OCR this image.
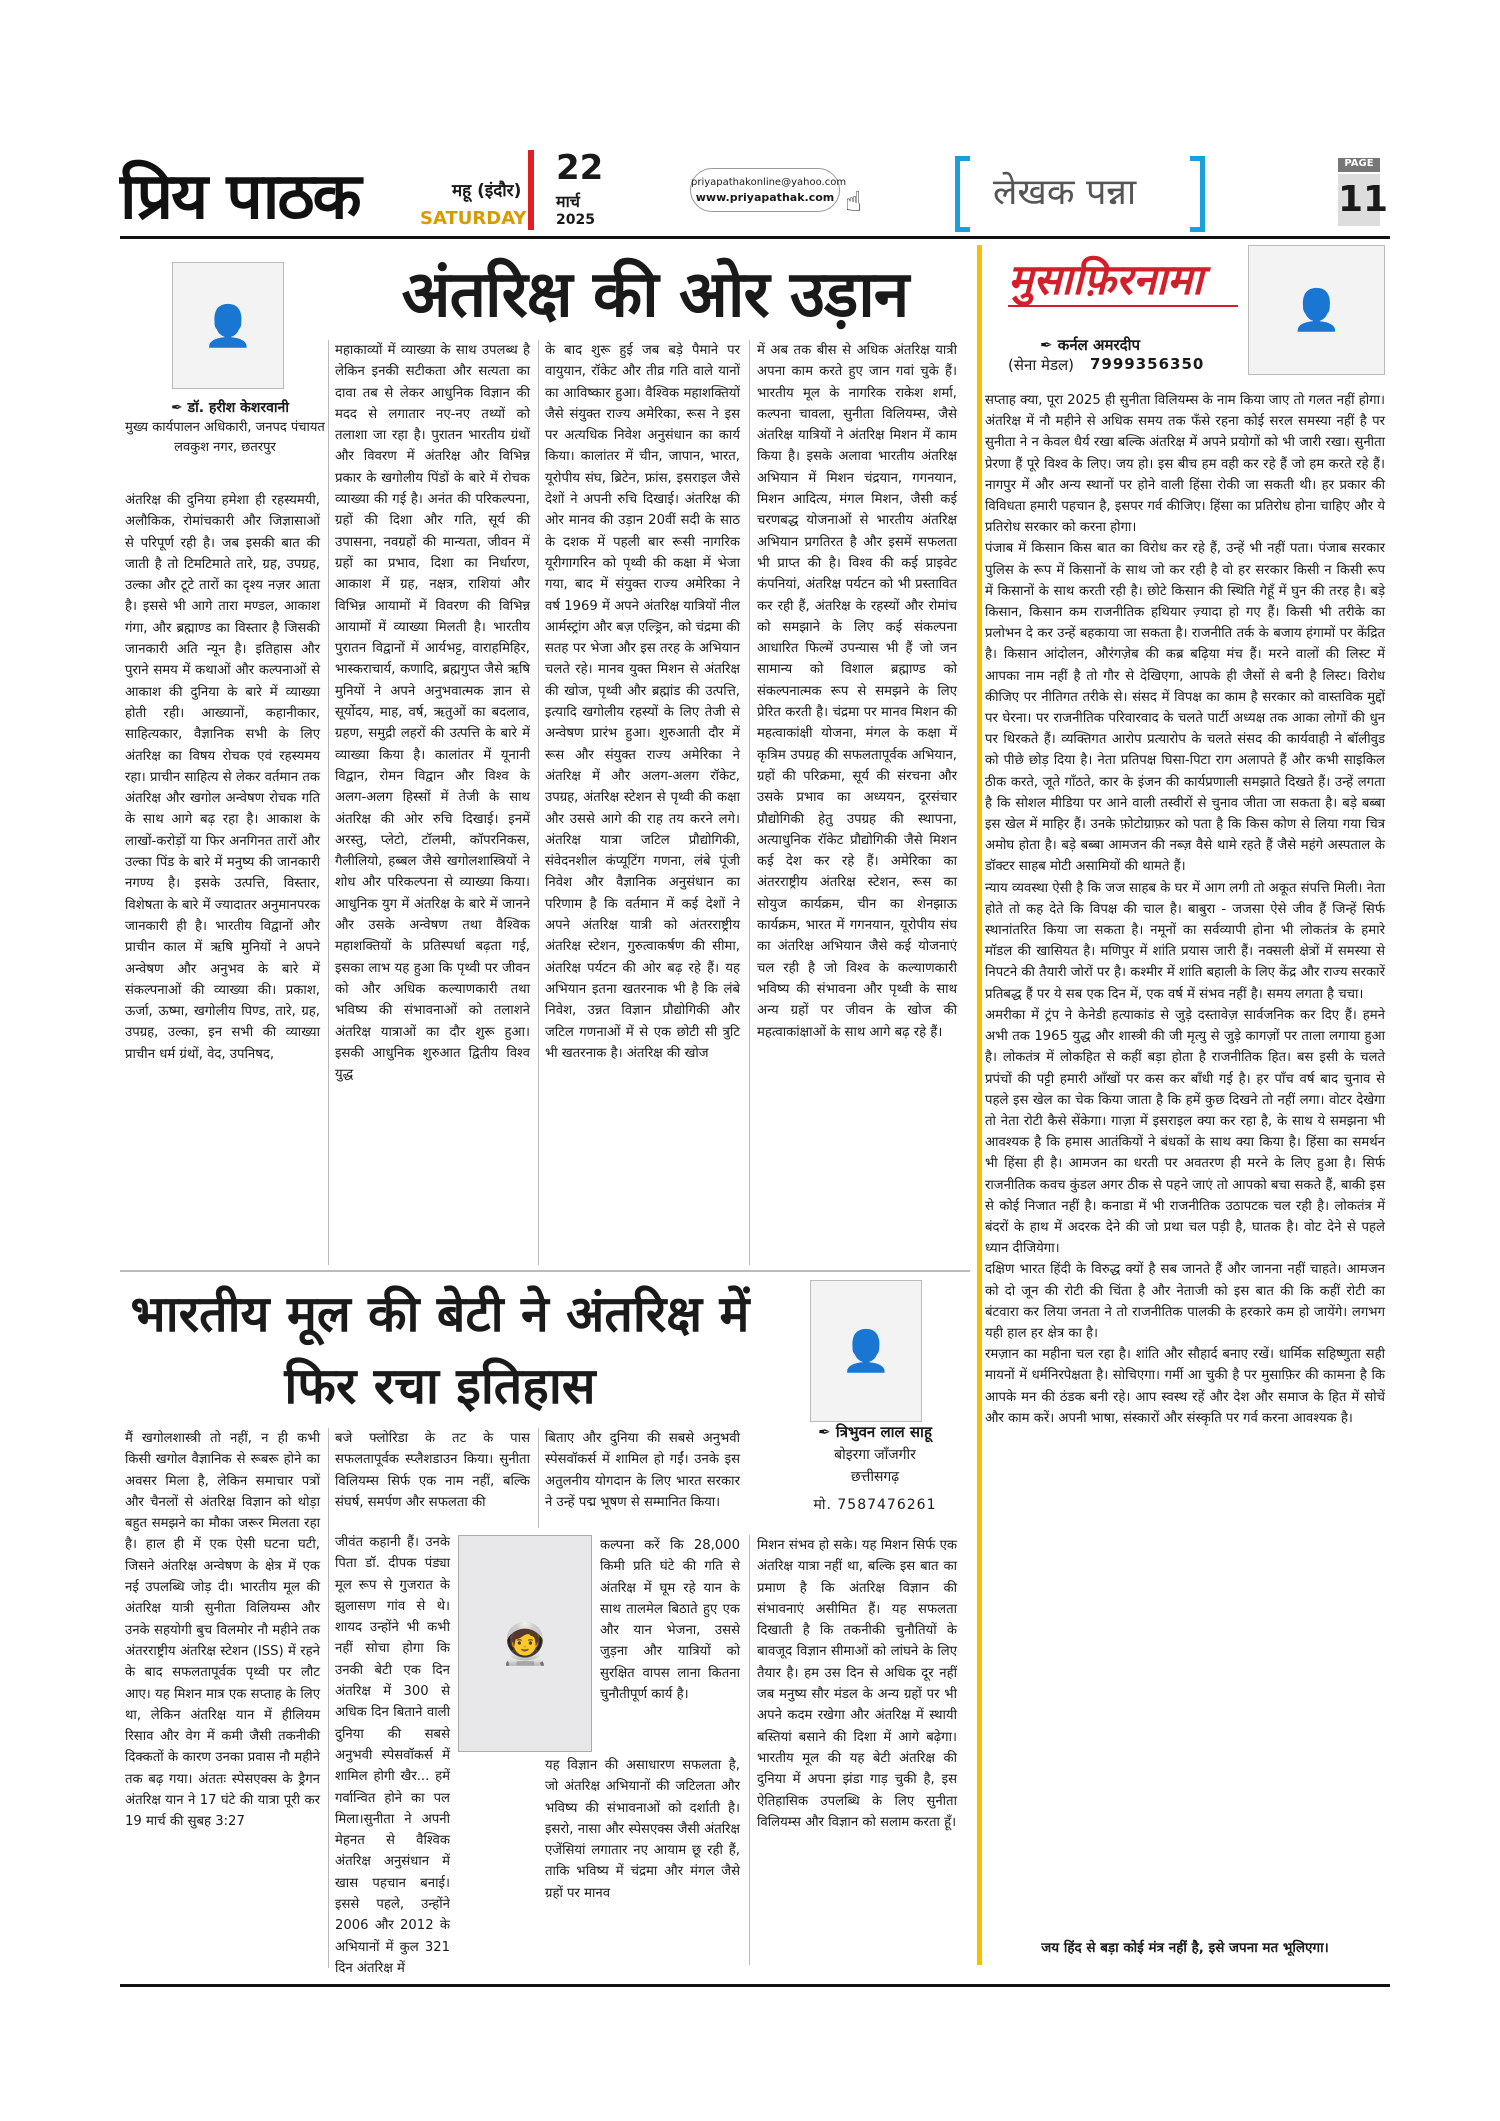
प्रिय पाठक	महू (इंदौर)
SATURDAY
22
मार्च
2025
priyapathakonline@yahoo.com
www.priyapathak.com ☝	लेखक पन्ना
PAGE
11
👤
✒ डॉ. हरीश केशरवानी
मुख्य कार्यपालन अधिकारी, जनपद पंचायत लवकुश नगर, छतरपुर
अंतरिक्ष की ओर उड़ान
अंतरिक्ष की दुनिया हमेशा ही रहस्यमयी, अलौकिक, रोमांचकारी और जिज्ञासाओं से परिपूर्ण रही है। जब इसकी बात की जाती है तो टिमटिमाते तारे, ग्रह, उपग्रह, उल्का और टूटे तारों का दृश्य नज़र आता है। इससे भी आगे तारा मण्डल, आकाश गंगा, और ब्रह्माण्ड का विस्तार है जिसकी जानकारी अति न्यून है। इतिहास और पुराने समय में कथाओं और कल्पनाओं से आकाश की दुनिया के बारे में व्याख्या होती रही। आख्यानों, कहानीकार, साहित्यकार, वैज्ञानिक सभी के लिए अंतरिक्ष का विषय रोचक एवं रहस्यमय रहा। प्राचीन साहित्य से लेकर वर्तमान तक अंतरिक्ष और खगोल अन्वेषण रोचक गति के साथ आगे बढ़ रहा है। आकाश के लाखों-करोड़ों या फिर अनगिनत तारों और उल्का पिंड के बारे में मनुष्य की जानकारी नगण्य है। इसके उत्पत्ति, विस्तार, विशेषता के बारे में ज्यादातर अनुमानपरक जानकारी ही है। भारतीय विद्वानों और प्राचीन काल में ऋषि मुनियों ने अपने अन्वेषण और अनुभव के बारे में संकल्पनाओं की व्याख्या की। प्रकाश, ऊर्जा, ऊष्मा, खगोलीय पिण्ड, तारे, ग्रह, उपग्रह, उल्का, इन सभी की व्याख्या प्राचीन धर्म ग्रंथों, वेद, उपनिषद,
महाकाव्यों में व्याख्या के साथ उपलब्ध है लेकिन इनकी सटीकता और सत्यता का दावा तब से लेकर आधुनिक विज्ञान की मदद से लगातार नए-नए तथ्यों को तलाशा जा रहा है। पुरातन भारतीय ग्रंथों और विवरण में अंतरिक्ष और विभिन्न प्रकार के खगोलीय पिंडों के बारे में रोचक व्याख्या की गई है। अनंत की परिकल्पना, ग्रहों की दिशा और गति, सूर्य की उपासना, नवग्रहों की मान्यता, जीवन में ग्रहों का प्रभाव, दिशा का निर्धारण, आकाश में ग्रह, नक्षत्र, राशियां और विभिन्न आयामों में विवरण की विभिन्न आयामों में व्याख्या मिलती है। भारतीय पुरातन विद्वानों में आर्यभट्ट, वाराहमिहिर, भास्कराचार्य, कणादि, ब्रह्मगुप्त जैसे ऋषि मुनियों ने अपने अनुभवात्मक ज्ञान से सूर्योदय, माह, वर्ष, ऋतुओं का बदलाव, ग्रहण, समुद्री लहरों की उत्पत्ति के बारे में व्याख्या किया है। कालांतर में यूनानी विद्वान, रोमन विद्वान और विश्व के अलग-अलग हिस्सों में तेजी के साथ अंतरिक्ष की ओर रुचि दिखाई। इनमें अरस्तु, प्लेटो, टॉलमी, कॉपरनिकस, गैलीलियो, हब्बल जैसे खगोलशास्त्रियों ने शोध और परिकल्पना से व्याख्या किया। आधुनिक युग में अंतरिक्ष के बारे में जानने और उसके अन्वेषण तथा वैश्विक महाशक्तियों के प्रतिस्पर्धा बढ़ता गई, इसका लाभ यह हुआ कि पृथ्वी पर जीवन को और अधिक कल्याणकारी तथा भविष्य की संभावनाओं को तलाशने अंतरिक्ष यात्राओं का दौर शुरू हुआ। इसकी आधुनिक शुरुआत द्वितीय विश्व युद्ध
के बाद शुरू हुई जब बड़े पैमाने पर वायुयान, रॉकेट और तीव्र गति वाले यानों का आविष्कार हुआ। वैश्विक महाशक्तियों जैसे संयुक्त राज्य अमेरिका, रूस ने इस पर अत्यधिक निवेश अनुसंधान का कार्य किया। कालांतर में चीन, जापान, भारत, यूरोपीय संघ, ब्रिटेन, फ्रांस, इसराइल जैसे देशों ने अपनी रुचि दिखाई। अंतरिक्ष की ओर मानव की उड़ान 20वीं सदी के साठ के दशक में पहली बार रूसी नागरिक यूरीगागरिन को पृथ्वी की कक्षा में भेजा गया, बाद में संयुक्त राज्य अमेरिका ने वर्ष 1969 में अपने अंतरिक्ष यात्रियों नील आर्मस्ट्रांग और बज़ एल्ड्रिन, को चंद्रमा की सतह पर भेजा और इस तरह के अभियान चलते रहे। मानव युक्त मिशन से अंतरिक्ष की खोज, पृथ्वी और ब्रह्मांड की उत्पत्ति, इत्यादि खगोलीय रहस्यों के लिए तेजी से अन्वेषण प्रारंभ हुआ। शुरुआती दौर में रूस और संयुक्त राज्य अमेरिका ने अंतरिक्ष में और अलग-अलग रॉकेट, उपग्रह, अंतरिक्ष स्टेशन से पृथ्वी की कक्षा और उससे आगे की राह तय करने लगे। अंतरिक्ष यात्रा जटिल प्रौद्योगिकी, संवेदनशील कंप्यूटिंग गणना, लंबे पूंजी निवेश और वैज्ञानिक अनुसंधान का परिणाम है कि वर्तमान में कई देशों ने अपने अंतरिक्ष यात्री को अंतरराष्ट्रीय अंतरिक्ष स्टेशन, गुरुत्वाकर्षण की सीमा, अंतरिक्ष पर्यटन की ओर बढ़ रहे हैं। यह अभियान इतना खतरनाक भी है कि लंबे निवेश, उन्नत विज्ञान प्रौद्योगिकी और जटिल गणनाओं में से एक छोटी सी त्रुटि भी खतरनाक है। अंतरिक्ष की खोज
में अब तक बीस से अधिक अंतरिक्ष यात्री अपना काम करते हुए जान गवां चुके हैं। भारतीय मूल के नागरिक राकेश शर्मा, कल्पना चावला, सुनीता विलियम्स, जैसे अंतरिक्ष यात्रियों ने अंतरिक्ष मिशन में काम किया है। इसके अलावा भारतीय अंतरिक्ष अभियान में मिशन चंद्रयान, गगनयान, मिशन आदित्य, मंगल मिशन, जैसी कई चरणबद्ध योजनाओं से भारतीय अंतरिक्ष अभियान प्रगतिरत है और इसमें सफलता भी प्राप्त की है। विश्व की कई प्राइवेट कंपनियां, अंतरिक्ष पर्यटन को भी प्रस्तावित कर रही हैं, अंतरिक्ष के रहस्यों और रोमांच को समझाने के लिए कई संकल्पना आधारित फिल्में उपन्यास भी हैं जो जन सामान्य को विशाल ब्रह्माण्ड को संकल्पनात्मक रूप से समझने के लिए प्रेरित करती है। चंद्रमा पर मानव मिशन की महत्वाकांक्षी योजना, मंगल के कक्षा में कृत्रिम उपग्रह की सफलतापूर्वक अभियान, ग्रहों की परिक्रमा, सूर्य की संरचना और उसके प्रभाव का अध्ययन, दूरसंचार प्रौद्योगिकी हेतु उपग्रह की स्थापना, अत्याधुनिक रॉकेट प्रौद्योगिकी जैसे मिशन कई देश कर रहे हैं। अमेरिका का अंतरराष्ट्रीय अंतरिक्ष स्टेशन, रूस का सोयुज कार्यक्रम, चीन का शेनझाऊ कार्यक्रम, भारत में गगनयान, यूरोपीय संघ का अंतरिक्ष अभियान जैसे कई योजनाएं चल रही है जो विश्व के कल्याणकारी भविष्य की संभावना और पृथ्वी के साथ अन्य ग्रहों पर जीवन के खोज की महत्वाकांक्षाओं के साथ आगे बढ़ रहे हैं।
मुसाफ़िरनामा
👤
✒ कर्नल अमरदीप
(सेना मेडल) 7999356350

सप्ताह क्या, पूरा 2025 ही सुनीता विलियम्स के नाम किया जाए तो गलत नहीं होगा। अंतरिक्ष में नौ महीने से अधिक समय तक फँसे रहना कोई सरल समस्या नहीं है पर सुनीता ने न केवल धैर्य रखा बल्कि अंतरिक्ष में अपने प्रयोगों को भी जारी रखा। सुनीता प्रेरणा हैं पूरे विश्व के लिए। जय हो। इस बीच हम वही कर रहे हैं जो हम करते रहे हैं। नागपुर में और अन्य स्थानों पर होने वाली हिंसा रोकी जा सकती थी। हर प्रकार की विविधता हमारी पहचान है, इसपर गर्व कीजिए। हिंसा का प्रतिरोध होना चाहिए और ये प्रतिरोध सरकार को करना होगा।

पंजाब में किसान किस बात का विरोध कर रहे हैं, उन्हें भी नहीं पता। पंजाब सरकार पुलिस के रूप में किसानों के साथ जो कर रही है वो हर सरकार किसी न किसी रूप में किसानों के साथ करती रही है। छोटे किसान की स्थिति गेहूँ में घुन की तरह है। बड़े किसान, किसान कम राजनीतिक हथियार ज़्यादा हो गए हैं। किसी भी तरीके का प्रलोभन दे कर उन्हें बहकाया जा सकता है। राजनीति तर्क के बजाय हंगामों पर केंद्रित है। किसान आंदोलन, औरंगज़ेब की कब्र बढ़िया मंच हैं। मरने वालों की लिस्ट में आपका नाम नहीं है तो गौर से देखिएगा, आपके ही जैसों से बनी है लिस्ट। विरोध कीजिए पर नीतिगत तरीके से। संसद में विपक्ष का काम है सरकार को वास्तविक मुद्दों पर घेरना। पर राजनीतिक परिवारवाद के चलते पार्टी अध्यक्ष तक आका लोगों की धुन पर थिरकते हैं। व्यक्तिगत आरोप प्रत्यारोप के चलते संसद की कार्यवाही ने बॉलीवुड को पीछे छोड़ दिया है। नेता प्रतिपक्ष घिसा-पिटा राग अलापते हैं और कभी साइकिल ठीक करते, जूते गाँठते, कार के इंजन की कार्यप्रणाली समझाते दिखते हैं। उन्हें लगता है कि सोशल मीडिया पर आने वाली तस्वीरों से चुनाव जीता जा सकता है। बड़े बब्बा इस खेल में माहिर हैं। उनके फ़ोटोग्राफ़र को पता है कि किस कोण से लिया गया चित्र अमोघ होता है। बड़े बब्बा आमजन की नब्ज़ वैसे थामे रहते हैं जैसे महंगे अस्पताल के डॉक्टर साहब मोटी असामियों की थामते हैं।

न्याय व्यवस्था ऐसी है कि जज साहब के घर में आग लगी तो अकूत संपत्ति मिली। नेता होते तो कह देते कि विपक्ष की चाल है। बाबुरा - जजसा ऐसे जीव हैं जिन्हें सिर्फ स्थानांतरित किया जा सकता है। नमूनों का सर्वव्यापी होना भी लोकतंत्र के हमारे मॉडल की खासियत है। मणिपुर में शांति प्रयास जारी हैं। नक्सली क्षेत्रों में समस्या से निपटने की तैयारी जोरों पर है। कश्मीर में शांति बहाली के लिए केंद्र और राज्य सरकारें प्रतिबद्ध हैं पर ये सब एक दिन में, एक वर्ष में संभव नहीं है। समय लगता है चचा।

अमरीका में ट्रंप ने केनेडी हत्याकांड से जुड़े दस्तावेज़ सार्वजनिक कर दिए हैं। हमने अभी तक 1965 युद्ध और शास्त्री की जी मृत्यु से जुड़े कागज़ों पर ताला लगाया हुआ है। लोकतंत्र में लोकहित से कहीं बड़ा होता है राजनीतिक हित। बस इसी के चलते प्रपंचों की पट्टी हमारी आँखों पर कस कर बाँधी गई है। हर पाँच वर्ष बाद चुनाव से पहले इस खेल का चेक किया जाता है कि हमें कुछ दिखने तो नहीं लगा। वोटर देखेगा तो नेता रोटी कैसे सेंकेगा। गाज़ा में इसराइल क्या कर रहा है, के साथ ये समझना भी आवश्यक है कि हमास आतंकियों ने बंधकों के साथ क्या किया है। हिंसा का समर्थन भी हिंसा ही है। आमजन का धरती पर अवतरण ही मरने के लिए हुआ है। सिर्फ राजनीतिक कवच कुंडल अगर ठीक से पहने जाएं तो आपको बचा सकते हैं, बाकी इस से कोई निजात नहीं है। कनाडा में भी राजनीतिक उठापटक चल रही है। लोकतंत्र में बंदरों के हाथ में अदरक देने की जो प्रथा चल पड़ी है, घातक है। वोट देने से पहले ध्यान दीजियेगा।

दक्षिण भारत हिंदी के विरुद्ध क्यों है सब जानते हैं और जानना नहीं चाहते। आमजन को दो जून की रोटी की चिंता है और नेताजी को इस बात की कि कहीं रोटी का बंटवारा कर लिया जनता ने तो राजनीतिक पालकी के हरकारे कम हो जायेंगे। लगभग यही हाल हर क्षेत्र का है।

रमज़ान का महीना चल रहा है। शांति और सौहार्द बनाए रखें। धार्मिक सहिष्णुता सही मायनों में धर्मनिरपेक्षता है। सोचिएगा। गर्मी आ चुकी है पर मुसाफ़िर की कामना है कि आपके मन की ठंडक बनी रहे। आप स्वस्थ रहें और देश और समाज के हित में सोचें और काम करें। अपनी भाषा, संस्कारों और संस्कृति पर गर्व करना आवश्यक है।

जय हिंद से बड़ा कोई मंत्र नहीं है, इसे जपना मत भूलिएगा।
भारतीय मूल की बेटी ने अंतरिक्ष में फिर रचा इतिहास
👤
✒ त्रिभुवन लाल साहू
बोइरगा जाँजगीर
छत्तीसगढ़
मो. 7587476261
मैं खगोलशास्त्री तो नहीं, न ही कभी किसी खगोल वैज्ञानिक से रूबरू होने का अवसर मिला है, लेकिन समाचार पत्रों और चैनलों से अंतरिक्ष विज्ञान को थोड़ा बहुत समझने का मौका जरूर मिलता रहा है। हाल ही में एक ऐसी घटना घटी, जिसने अंतरिक्ष अन्वेषण के क्षेत्र में एक नई उपलब्धि जोड़ दी। भारतीय मूल की अंतरिक्ष यात्री सुनीता विलियम्स और उनके सहयोगी बुच विलमोर नौ महीने तक अंतरराष्ट्रीय अंतरिक्ष स्टेशन (ISS) में रहने के बाद सफलतापूर्वक पृथ्वी पर लौट आए। यह मिशन मात्र एक सप्ताह के लिए था, लेकिन अंतरिक्ष यान में हीलियम रिसाव और वेग में कमी जैसी तकनीकी दिक्कतों के कारण उनका प्रवास नौ महीने तक बढ़ गया। अंततः स्पेसएक्स के ड्रैगन अंतरिक्ष यान ने 17 घंटे की यात्रा पूरी कर 19 मार्च की सुबह 3:27
बजे फ्लोरिडा के तट के पास सफलतापूर्वक स्प्लैशडाउन किया। सुनीता विलियम्स सिर्फ एक नाम नहीं, बल्कि संघर्ष, समर्पण और सफलता की
जीवंत कहानी हैं। उनके पिता डॉ. दीपक पंड्या मूल रूप से गुजरात के झुलासण गांव से थे। शायद उन्होंने भी कभी नहीं सोचा होगा कि उनकी बेटी एक दिन अंतरिक्ष में 300 से अधिक दिन बिताने वाली दुनिया की सबसे अनुभवी स्पेसवॉकर्स में शामिल होगी खैर... हमें गर्वान्वित होने का पल मिला।सुनीता ने अपनी मेहनत से वैश्विक अंतरिक्ष अनुसंधान में खास पहचान बनाई। इससे पहले, उन्होंने 2006 और 2012 के अभियानों में कुल 321 दिन अंतरिक्ष में
🧑‍🚀
बिताए और दुनिया की सबसे अनुभवी स्पेसवॉकर्स में शामिल हो गईं। उनके इस अतुलनीय योगदान के लिए भारत सरकार ने उन्हें पद्म भूषण से सम्मानित किया।
कल्पना करें कि 28,000 किमी प्रति घंटे की गति से अंतरिक्ष में घूम रहे यान के साथ तालमेल बिठाते हुए एक और यान भेजना, उससे जुड़ना और यात्रियों को सुरक्षित वापस लाना कितना चुनौतीपूर्ण कार्य है।
यह विज्ञान की असाधारण सफलता है, जो अंतरिक्ष अभियानों की जटिलता और भविष्य की संभावनाओं को दर्शाती है। इसरो, नासा और स्पेसएक्स जैसी अंतरिक्ष एजेंसियां लगातार नए आयाम छू रही हैं, ताकि भविष्य में चंद्रमा और मंगल जैसे ग्रहों पर मानव
मिशन संभव हो सके। यह मिशन सिर्फ एक अंतरिक्ष यात्रा नहीं था, बल्कि इस बात का प्रमाण है कि अंतरिक्ष विज्ञान की संभावनाएं असीमित हैं। यह सफलता दिखाती है कि तकनीकी चुनौतियों के बावजूद विज्ञान सीमाओं को लांघने के लिए तैयार है। हम उस दिन से अधिक दूर नहीं जब मनुष्य सौर मंडल के अन्य ग्रहों पर भी अपने कदम रखेगा और अंतरिक्ष में स्थायी बस्तियां बसाने की दिशा में आगे बढ़ेगा।भारतीय मूल की यह बेटी अंतरिक्ष की दुनिया में अपना झंडा गाड़ चुकी है, इस ऐतिहासिक उपलब्धि के लिए सुनीता विलियम्स और विज्ञान को सलाम करता हूँ।
